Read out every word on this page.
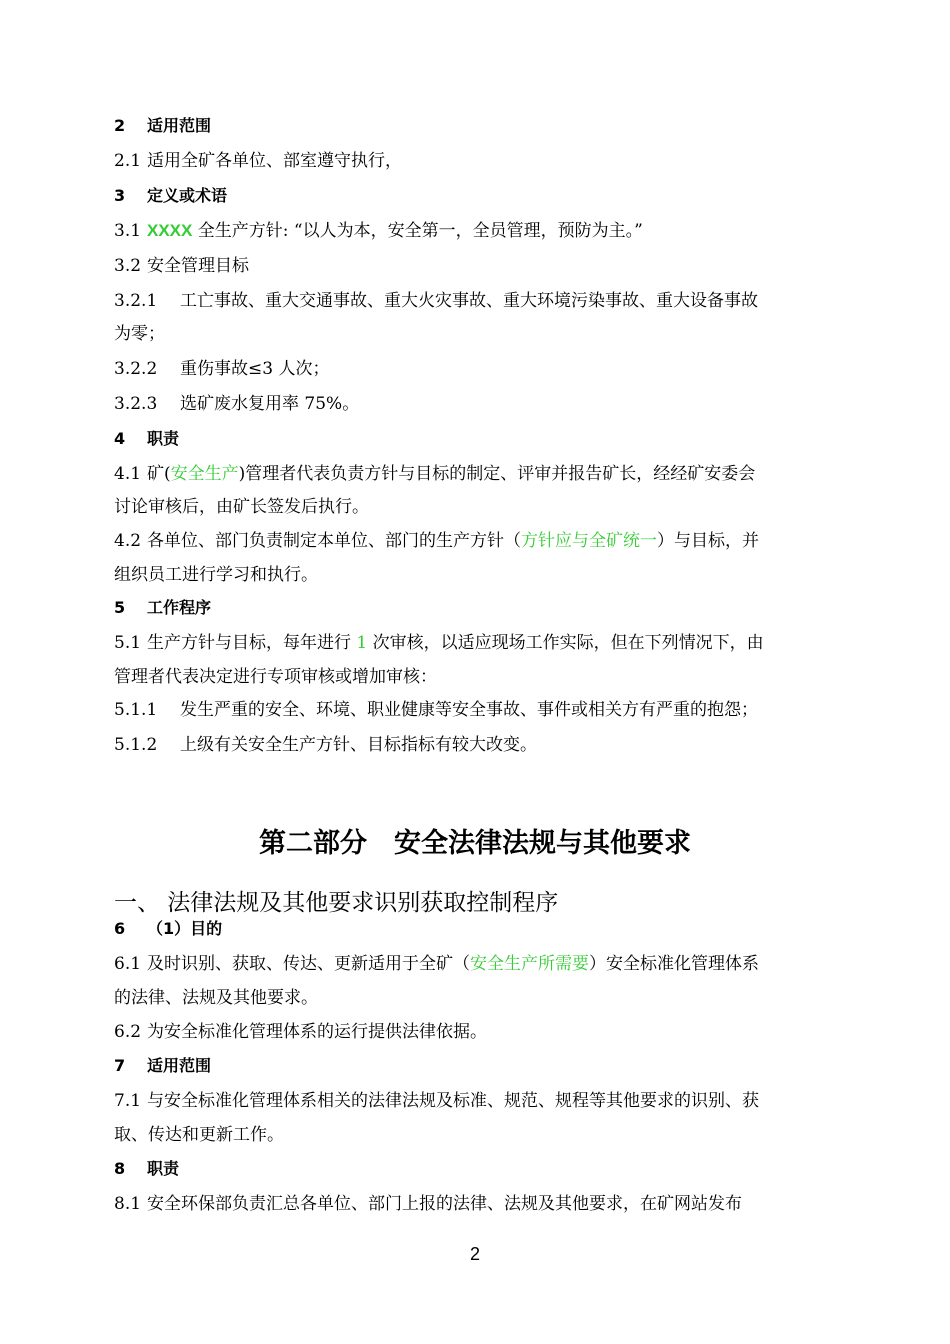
2 适用范围
2.1 适用全矿各单位、部室遵守执行，
3 定义或术语
3.1 XXXX 全生产方针: “以人为本，安全第一，全员管理，预防为主。”
3.2 安全管理目标
3.2.1 工亡事故、重大交通事故、重大火灾事故、重大环境污染事故、重大设备事故
为零；
3.2.2 重伤事故≤3 人次；
3.2.3 选矿废水复用率 75%。
4 职责
4.1 矿(安全生产)管理者代表负责方针与目标的制定、评审并报告矿长，经经矿安委会
讨论审核后，由矿长签发后执行。
4.2 各单位、部门负责制定本单位、部门的生产方针（方针应与全矿统一）与目标，并
组织员工进行学习和执行。
5 工作程序
5.1 生产方针与目标，每年进行 1 次审核，以适应现场工作实际，但在下列情况下，由
管理者代表决定进行专项审核或增加审核：
5.1.1 发生严重的安全、环境、职业健康等安全事故、事件或相关方有严重的抱怨；
5.1.2 上级有关安全生产方针、目标指标有较大改变。
第二部分　安全法律法规与其他要求
一、 法律法规及其他要求识别获取控制程序
6 （1）目的
6.1 及时识别、获取、传达、更新适用于全矿（安全生产所需要）安全标准化管理体系
的法律、法规及其他要求。
6.2 为安全标准化管理体系的运行提供法律依据。
7 适用范围
7.1 与安全标准化管理体系相关的法律法规及标准、规范、规程等其他要求的识别、获
取、传达和更新工作。
8 职责
8.1 安全环保部负责汇总各单位、部门上报的法律、法规及其他要求，在矿网站发布
2
